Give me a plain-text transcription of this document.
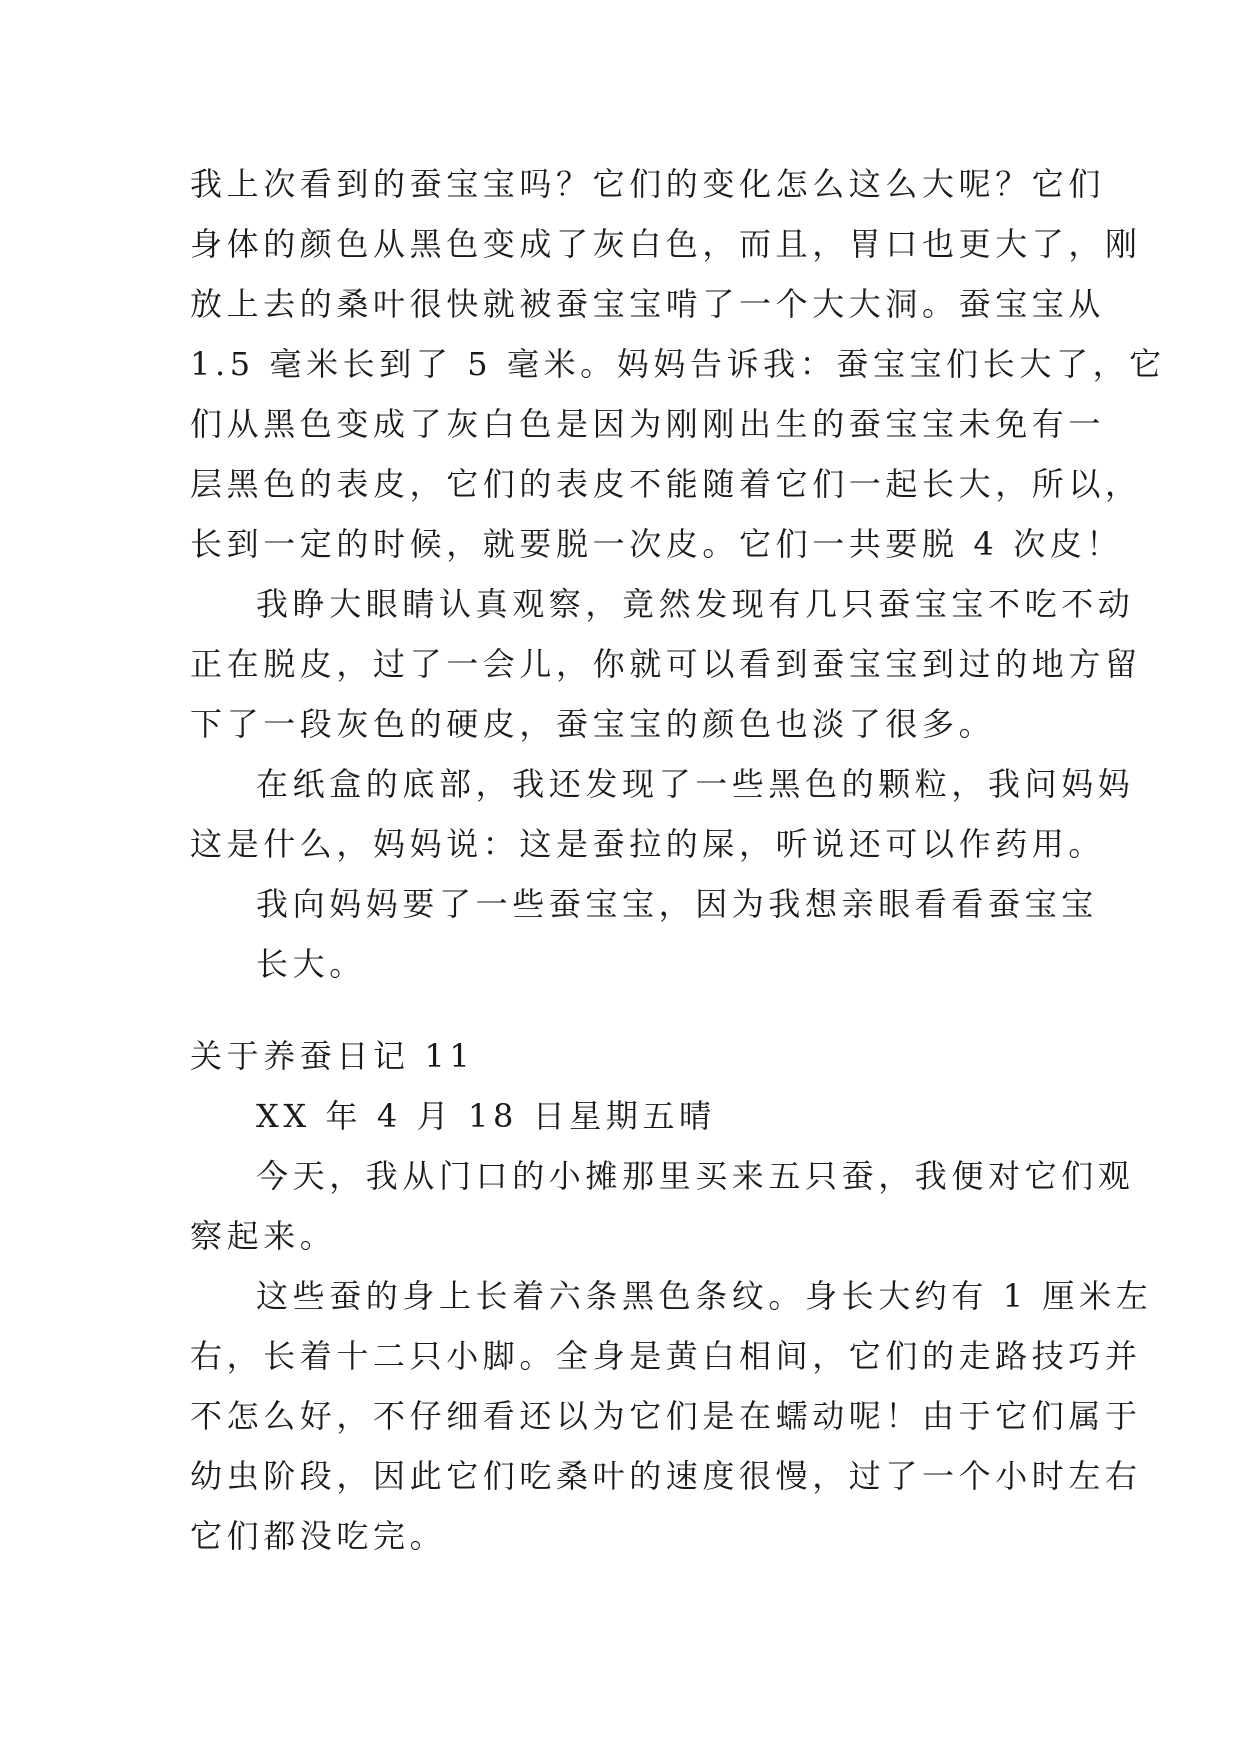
我上次看到的蚕宝宝吗？它们的变化怎么这么大呢？它们
身体的颜色从黑色变成了灰白色，而且，胃口也更大了，刚
放上去的桑叶很快就被蚕宝宝啃了一个大大洞。蚕宝宝从
1.5 毫米长到了 5 毫米。妈妈告诉我：蚕宝宝们长大了，它
们从黑色变成了灰白色是因为刚刚出生的蚕宝宝未免有一
层黑色的表皮，它们的表皮不能随着它们一起长大，所以，
长到一定的时候，就要脱一次皮。它们一共要脱 4 次皮！
我睁大眼睛认真观察，竟然发现有几只蚕宝宝不吃不动
正在脱皮，过了一会儿，你就可以看到蚕宝宝到过的地方留
下了一段灰色的硬皮，蚕宝宝的颜色也淡了很多。
在纸盒的底部，我还发现了一些黑色的颗粒，我问妈妈
这是什么，妈妈说：这是蚕拉的屎，听说还可以作药用。
我向妈妈要了一些蚕宝宝，因为我想亲眼看看蚕宝宝
长大。
关于养蚕日记 11
XX 年 4 月 18 日星期五晴
今天，我从门口的小摊那里买来五只蚕，我便对它们观
察起来。
这些蚕的身上长着六条黑色条纹。身长大约有 1 厘米左
右，长着十二只小脚。全身是黄白相间，它们的走路技巧并
不怎么好，不仔细看还以为它们是在蠕动呢！由于它们属于
幼虫阶段，因此它们吃桑叶的速度很慢，过了一个小时左右
它们都没吃完。
